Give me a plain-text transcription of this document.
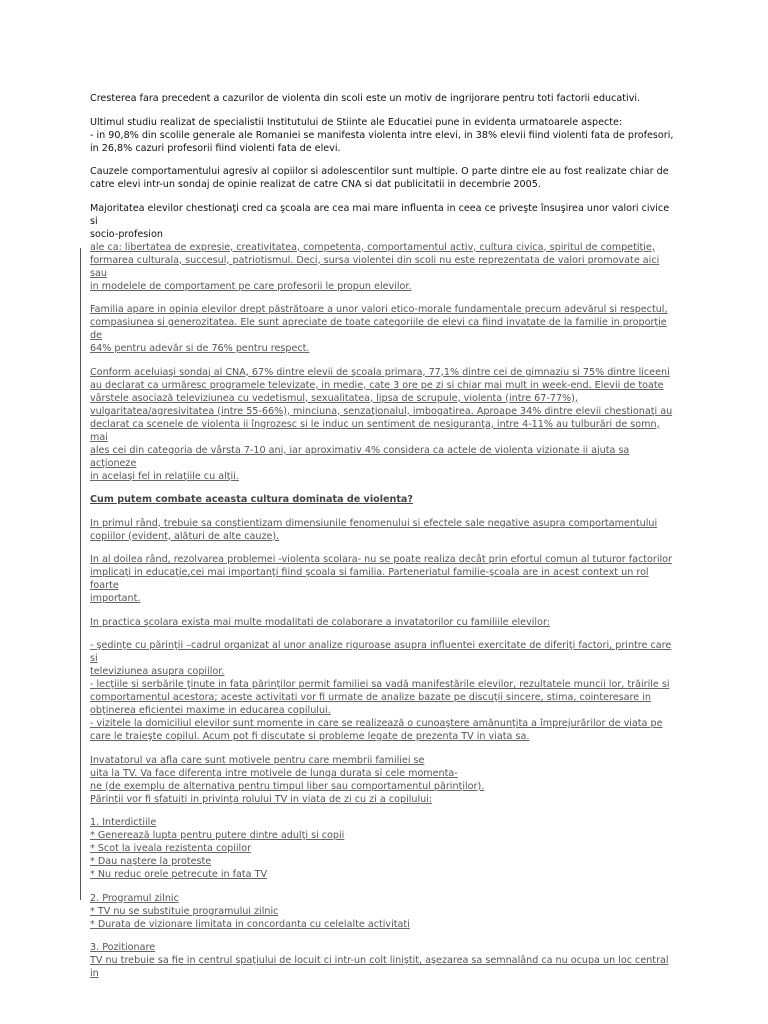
Cresterea fara precedent a cazurilor de violenta din scoli este un motiv de ingrijorare pentru toti factorii educativi.

Ultimul studiu realizat de specialistii Institutului de Stiinte ale Educatiei pune in evidenta urmatoarele aspecte:
- in 90,8% din scolile generale ale Romaniei se manifesta violenta intre elevi, in 38% elevii fiind violenti fata de profesori,
in 26,8% cazuri profesorii fiind violenti fata de elevi.

Cauzele comportamentului agresiv al copiilor si adolescentilor sunt multiple. O parte dintre ele au fost realizate chiar de
catre elevi intr-un sondaj de opinie realizat de catre CNA si dat publicitatii in decembrie 2005.

Majoritatea elevilor chestionaţi cred ca şcoala are cea mai mare influenta in ceea ce priveşte însuşirea unor valori civice si
socio-profesion

ale ca: libertatea de expresie, creativitatea, competenta, comportamentul activ, cultura civica, spiritul de competiţie,
formarea culturala, succesul, patriotismul. Deci, sursa violentei din scoli nu este reprezentata de valori promovate aici sau
in modelele de comportament pe care profesorii le propun elevilor.

Familia apare in opinia elevilor drept păstrătoare a unor valori etico-morale fundamentale precum adevărul si respectul,
compasiunea si generozitatea. Ele sunt apreciate de toate categoriile de elevi ca fiind invatate de la familie in proporţie de
64% pentru adevăr si de 76% pentru respect.

Conform aceluiaşi sondaj al CNA, 67% dintre elevii de şcoala primara, 77,1% dintre cei de gimnaziu si 75% dintre liceeni
au declarat ca urmăresc programele televizate, in medie, cate 3 ore pe zi si chiar mai mult in week-end. Elevii de toate
vârstele asociază televiziunea cu vedetismul, sexualitatea, lipsa de scrupule, violenta (intre 67-77%),
vulgaritatea/agresivitatea (intre 55-66%), minciuna, senzaţionalul, imbogatirea. Aproape 34% dintre elevii chestionaţi au
declarat ca scenele de violenta ii îngrozesc si le induc un sentiment de nesiguranţa, intre 4-11% au tulburări de somn, mai
ales cei din categoria de vârsta 7-10 ani, iar aproximativ 4% considera ca actele de violenta vizionate ii ajuta sa acţioneze
in acelaşi fel in relaţiile cu alţii.

Cum putem combate aceasta cultura dominata de violenta?

In primul rând, trebuie sa conştientizam dimensiunile fenomenului si efectele sale negative asupra comportamentului
copiilor (evident, alături de alte cauze).

In al doilea rând, rezolvarea problemei -violenta scolara- nu se poate realiza decât prin efortul comun al tuturor factorilor
implicaţi in educaţie,cei mai importanţi fiind şcoala si familia. Parteneriatul familie-şcoala are in acest context un rol foarte
important.

In practica şcolara exista mai multe modalitati de colaborare a invatatorilor cu familiile elevilor:

- şedinţe cu părinţii –cadrul organizat al unor analize riguroase asupra influentei exercitate de diferiţi factori, printre care si
televiziunea asupra copiilor.
- lecţiile si serbările ţinute in fata părinţilor permit familiei sa vadă manifestările elevilor, rezultatele muncii lor, trăirile si
comportamentul acestora; aceste activitati vor fi urmate de analize bazate pe discuţii sincere, stima, cointeresare in
obţinerea eficientei maxime in educarea copilului.
- vizitele la domiciliul elevilor sunt momente in care se realizează o cunoaştere amănunţita a împrejurărilor de viata pe
care le traieşte copilul. Acum pot fi discutate si probleme legate de prezenta TV in viata sa.

Invatatorul va afla care sunt motivele pentru care membrii familiei se
uita la TV. Va face diferenţa intre motivele de lunga durata si cele momenta-
ne (de exemplu de alternativa pentru timpul liber sau comportamentul părinţilor).
Părinţii vor fi sfatuiti in privinţa rolului TV in viata de zi cu zi a copilului:

1. Interdictiile
* Generează lupta pentru putere dintre adulţi si copii
* Scot la iveala rezistenta copiilor
* Dau naştere la proteste
* Nu reduc orele petrecute in fata TV

2. Programul zilnic
* TV nu se substituie programului zilnic
* Durata de vizionare limitata in concordanta cu celelalte activitati

3. Pozitionare
TV nu trebuie sa fie in centrul spaţiului de locuit ci intr-un colt liniştit, aşezarea sa semnalând ca nu ocupa un loc central in
